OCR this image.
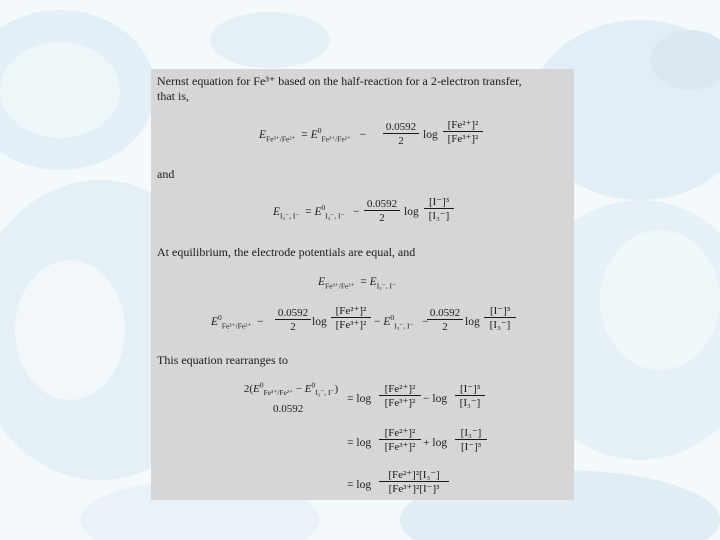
Nernst equation for Fe³⁺ based on the half-reaction for a 2-electron transfer,
that is,
$E_{Fe^{3+}/Fe^{2+}} = E^0_{Fe^{3+}/Fe^{2+}} - \frac{0.0592}{2}$ $\log \frac{\text{[Fe²⁺]²}}{\text{[Fe³⁺]²}}$
and
$E_{I_3^-, I^-} = E^0_{I_3^-, I^-} - \frac{0.0592}{2}$ $\log \frac{\text{[I⁻]³}}{\text{[I₃⁻]}}$
At equilibrium, the electrode potentials are equal, and
$E_{Fe^{3+}/Fe^{2+}} = E_{I_3^-, I^-}$
$E^0_{Fe^{3+}/Fe^{2+}} - \frac{0.0592}{2}$ $\log \frac{\text{[Fe²⁺]²}}{\text{[Fe³⁺]²}} - E^0_{I_3^-, I^-}$   −
$\frac{0.0592}{2}$ $\log \frac{\text{[I⁻]³}}{\text{[I₃⁻]}}$
This equation rearranges to
$2(E^0_{Fe^{3+}/Fe^{2+}} - E^0_{I_3^-, I^-})$
0.0592
= $\log \frac{\text{[Fe²⁺]²}}{\text{[Fe³⁺]²}} - \log \frac{\text{[I⁻]³}}{\text{[I₃⁻]}}$
= $\log \frac{\text{[Fe²⁺]²}}{\text{[Fe³⁺]²}} + \log \frac{\text{[I₃⁻]}}{\text{[I⁻]³}}$
= $\log \frac{\text{[Fe²⁺]²[I₃⁻]}}{\text{[Fe³⁺]²[I⁻]³}}$
